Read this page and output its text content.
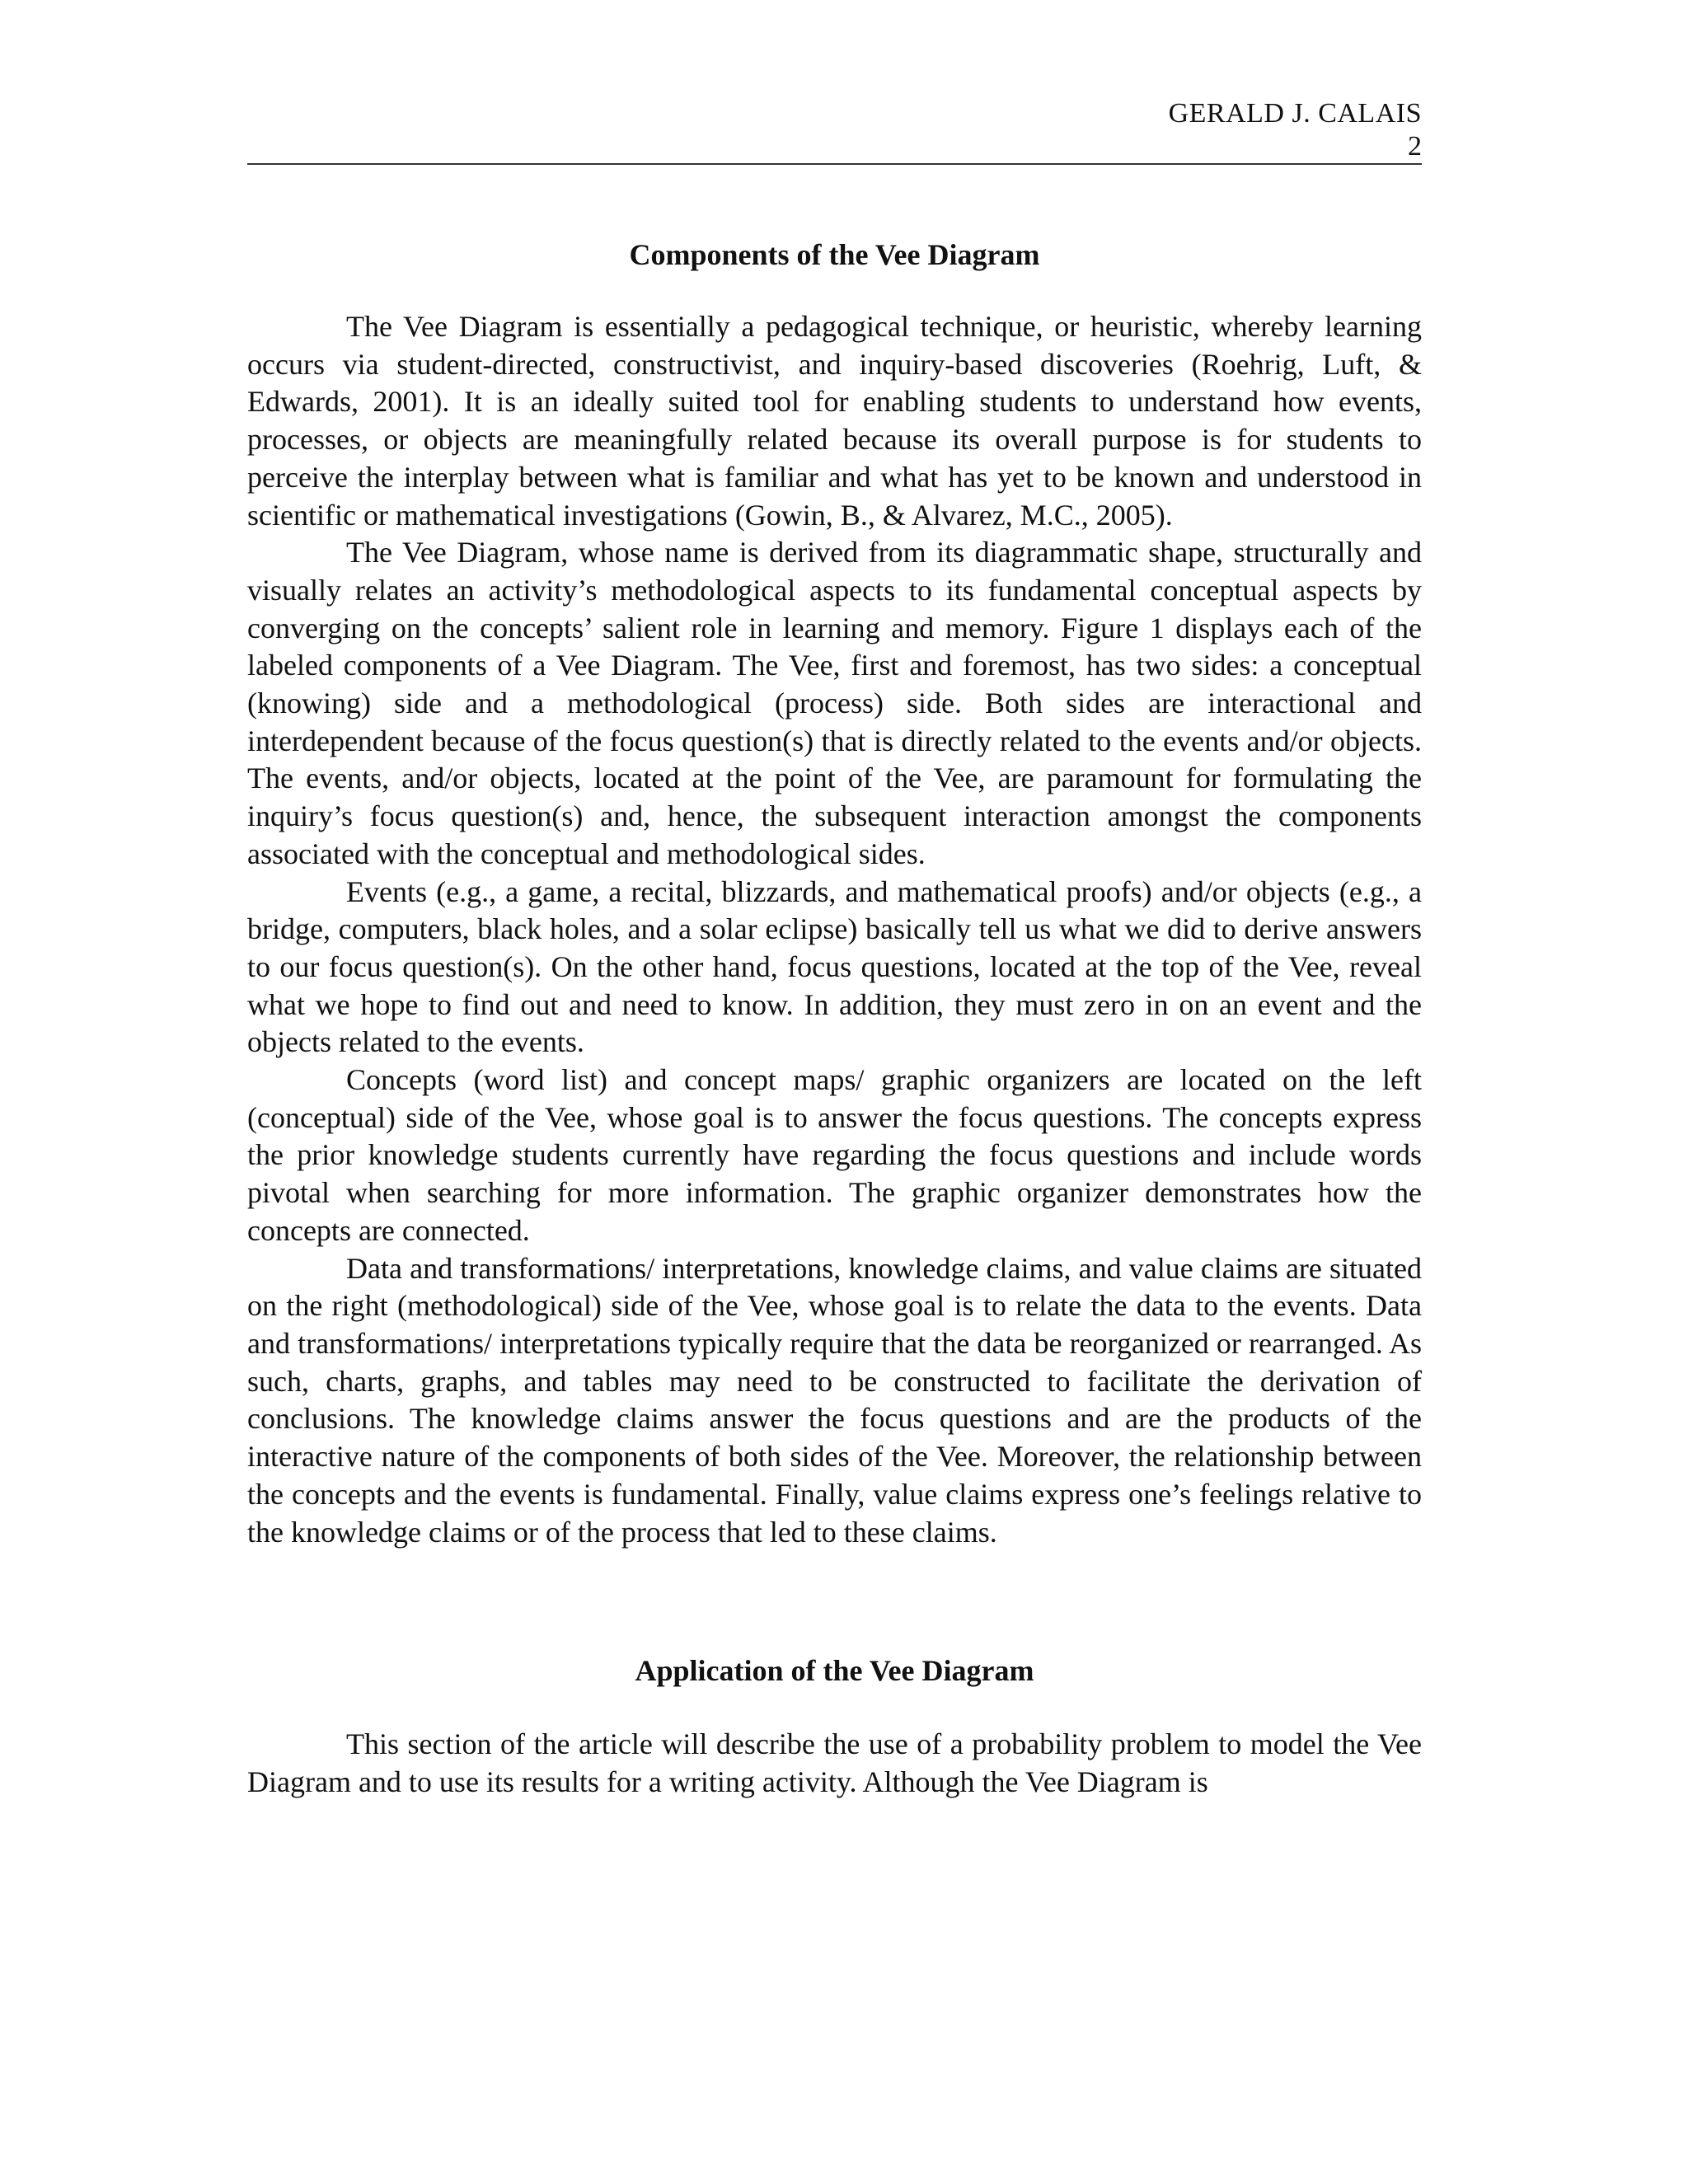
GERALD J. CALAIS
2
Components of the Vee Diagram

The Vee Diagram is essentially a pedagogical technique, or heuristic, whereby learning occurs via student-directed, constructivist, and inquiry-based discoveries (Roehrig, Luft, & Edwards, 2001). It is an ideally suited tool for enabling students to understand how events, processes, or objects are meaningfully related because its overall purpose is for students to perceive the interplay between what is familiar and what has yet to be known and understood in scientific or mathematical investigations (Gowin, B., & Alvarez, M.C., 2005).

The Vee Diagram, whose name is derived from its diagrammatic shape, structurally and visually relates an activity’s methodological aspects to its fundamental conceptual aspects by converging on the concepts’ salient role in learning and memory. Figure 1 displays each of the labeled components of a Vee Diagram. The Vee, first and foremost, has two sides: a conceptual (knowing) side and a methodological (process) side. Both sides are interactional and interdependent because of the focus question(s) that is directly related to the events and/or objects. The events, and/or objects, located at the point of the Vee, are paramount for formulating the inquiry’s focus question(s) and, hence, the subsequent interaction amongst the components associated with the conceptual and methodological sides.

Events (e.g., a game, a recital, blizzards, and mathematical proofs) and/or objects (e.g., a bridge, computers, black holes, and a solar eclipse) basically tell us what we did to derive answers to our focus question(s). On the other hand, focus questions, located at the top of the Vee, reveal what we hope to find out and need to know. In addition, they must zero in on an event and the objects related to the events.

Concepts (word list) and concept maps/ graphic organizers are located on the left (conceptual) side of the Vee, whose goal is to answer the focus questions. The concepts express the prior knowledge students currently have regarding the focus questions and include words pivotal when searching for more information. The graphic organizer demonstrates how the concepts are connected.

Data and transformations/ interpretations, knowledge claims, and value claims are situated on the right (methodological) side of the Vee, whose goal is to relate the data to the events. Data and transformations/ interpretations typically require that the data be reorganized or rearranged. As such, charts, graphs, and tables may need to be constructed to facilitate the derivation of conclusions. The knowledge claims answer the focus questions and are the products of the interactive nature of the components of both sides of the Vee. Moreover, the relationship between the concepts and the events is fundamental. Finally, value claims express one’s feelings relative to the knowledge claims or of the process that led to these claims.

Application of the Vee Diagram

This section of the article will describe the use of a probability problem to model the Vee Diagram and to use its results for a writing activity. Although the Vee Diagram is
